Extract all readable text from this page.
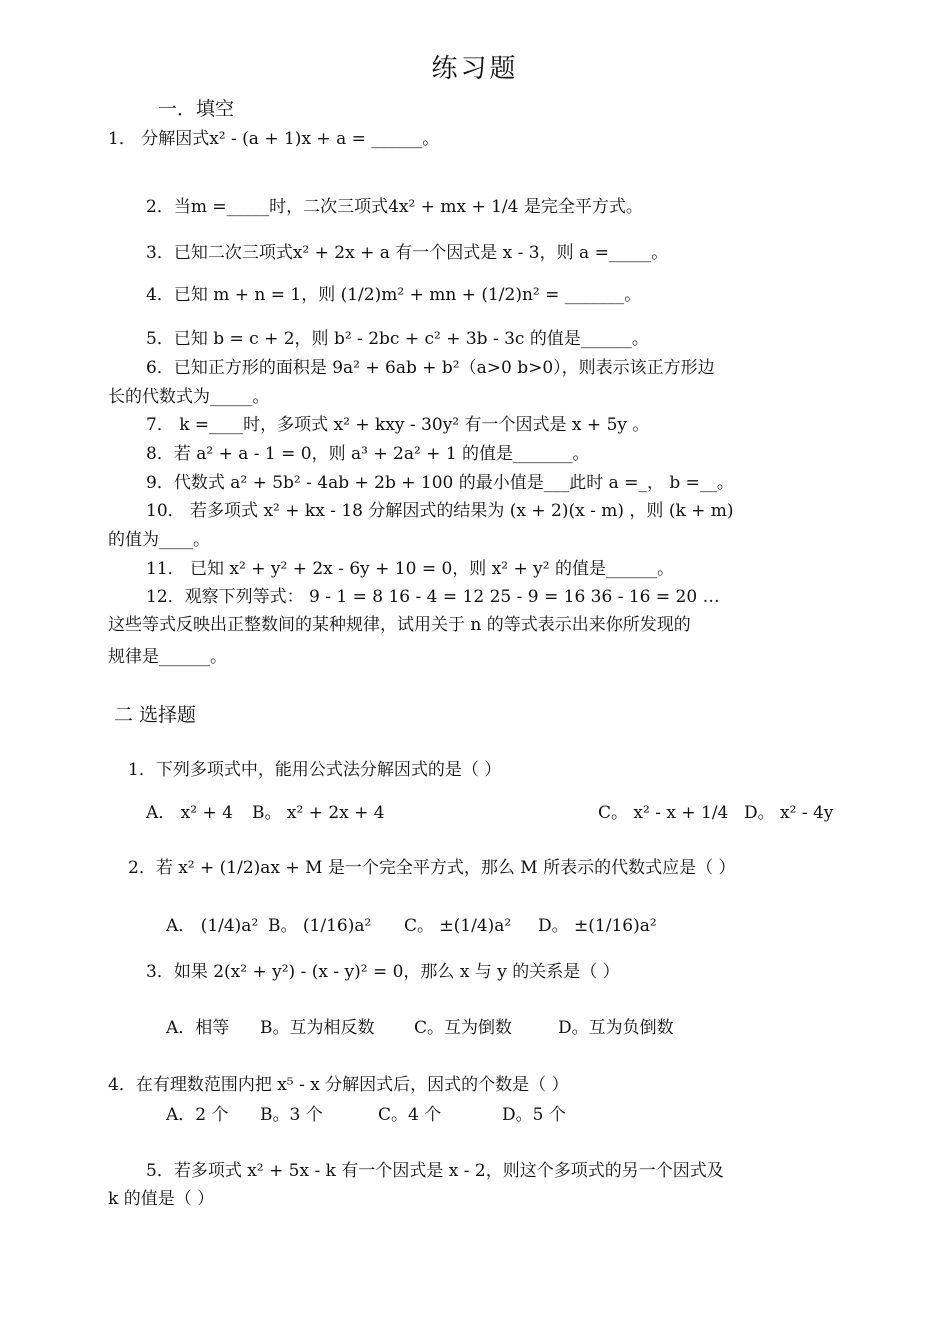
练习题
一．填空
1． 分解因式x² - (a + 1)x + a = ______。
2．当m =_____时，二次三项式4x² + mx + 1/4 是完全平方式。
3．已知二次三项式x² + 2x + a 有一个因式是 x - 3，则 a =_____。
4．已知 m + n = 1，则 (1/2)m² + mn + (1/2)n² = _______。
5．已知 b = c + 2，则 b² - 2bc + c² + 3b - 3c 的值是______。
6．已知正方形的面积是 9a² + 6ab + b²（a>0 b>0），则表示该正方形边
长的代数式为_____。
7． k =____时，多项式 x² + kxy - 30y² 有一个因式是 x + 5y 。
8．若 a² + a - 1 = 0，则 a³ + 2a² + 1 的值是_______。
9．代数式 a² + 5b² - 4ab + 2b + 100 的最小值是___此时 a =_， b =__。
10． 若多项式 x² + kx - 18 分解因式的结果为 (x + 2)(x - m) ，则 (k + m)
的值为____。
11． 已知 x² + y² + 2x - 6y + 10 = 0，则 x² + y² 的值是______。
12．观察下列等式： 9 - 1 = 8 16 - 4 = 12 25 - 9 = 16 36 - 16 = 20 …
这些等式反映出正整数间的某种规律，试用关于 n 的等式表示出来你所发现的
规律是______。
二 选择题
1．下列多项式中，能用公式法分解因式的是（ ）
A． x² + 4 B。 x² + 2x + 4	C。 x² - x + 1/4 D。 x² - 4y
2．若 x² + (1/2)ax + M 是一个完全平方式，那么 M 所表示的代数式应是（ ）
A． (1/4)a² B。 (1/16)a² C。 ±(1/4)a² D。 ±(1/16)a²
3．如果 2(x² + y²) - (x - y)² = 0，那么 x 与 y 的关系是（ ）
A．相等 B。互为相反数 C。互为倒数	D。互为负倒数
4．在有理数范围内把 x⁵ - x 分解因式后，因式的个数是（ ）
A．2 个 B。3 个	C。4 个	D。5 个
5．若多项式 x² + 5x - k 有一个因式是 x - 2，则这个多项式的另一个因式及
k 的值是（ ）
